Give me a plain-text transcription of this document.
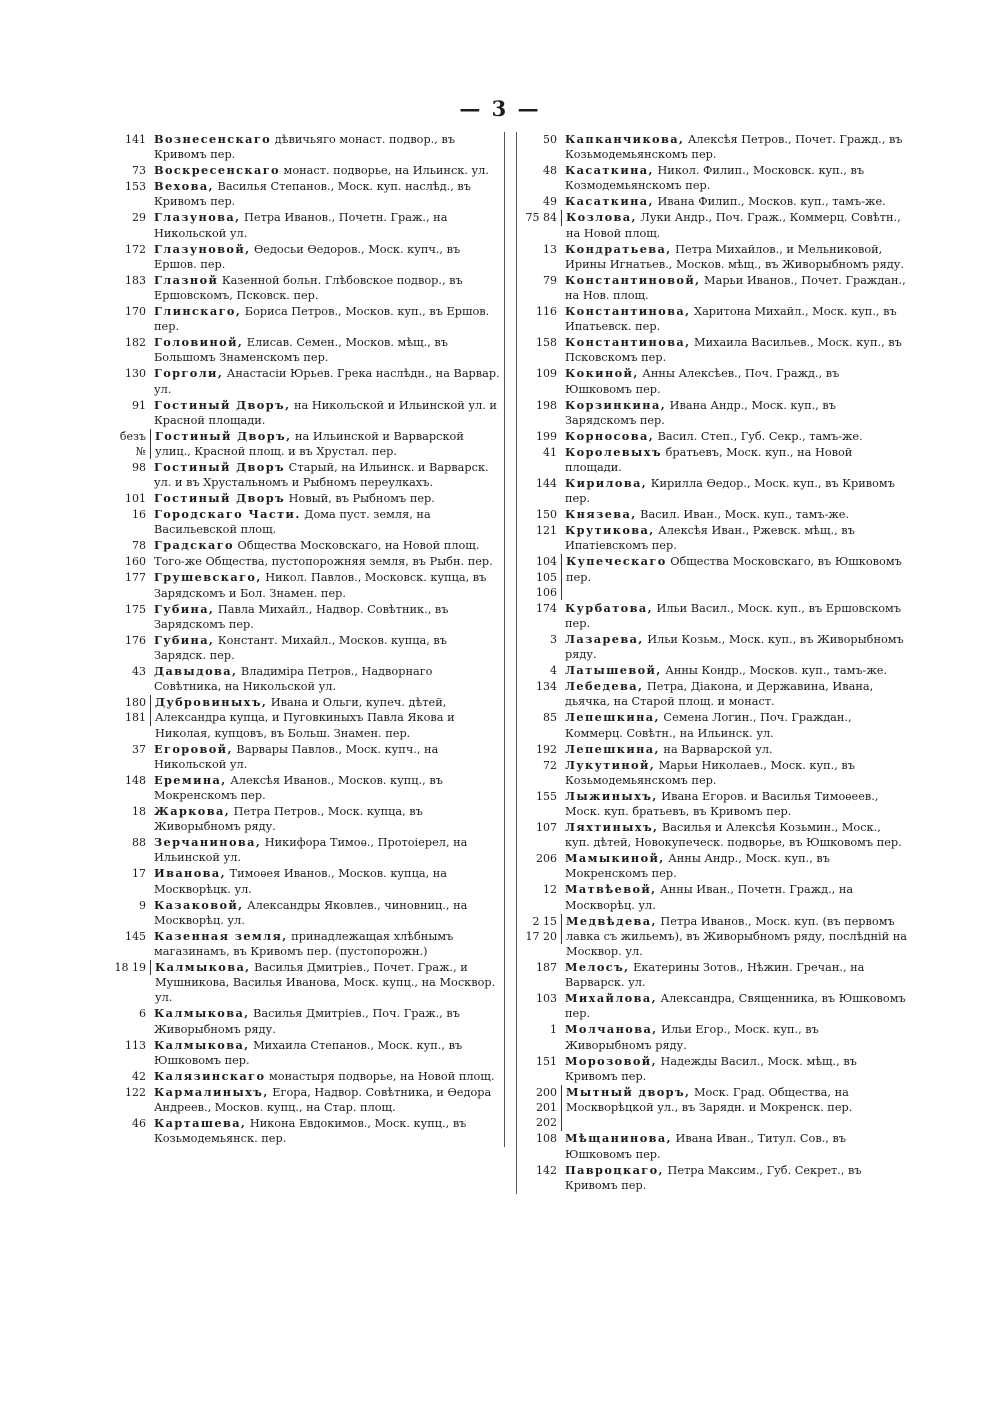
— 3 —
141 Вознесенскаго дѣвичьяго монаст. подвор., въ Кривомъ пер.
73 Воскресенскаго монаст. подворье, на Ильинск. ул.
153 Вехова, Василья Степанов., Моск. куп. наслѣд., въ Кривомъ пер.
29 Глазунова, Петра Иванов., Почетн. Граж., на Никольской ул.
172 Глазуновой, Ѳедосьи Ѳедоров., Моск. купч., въ Ершов. пер.
183 Глазной Казенной больн. Глѣбовское подвор., въ Ершовскомъ, Псковск. пер.
170 Глинскаго, Бориса Петров., Москов. куп., въ Ершов. пер.
182 Головиной, Елисав. Семен., Москов. мѣщ., въ Большомъ Знаменскомъ пер.
130 Горголи, Анастасіи Юрьев. Грека наслѣдн., на Варвар. ул.
91 Гостиный Дворъ, на Никольской и Ильинской ул. и Красной площади.
безъ №
Гостиный Дворъ, на Ильинской и Варварской улиц., Красной площ. и въ Хрустал. пер.
98 Гостиный Дворъ Старый, на Ильинск. и Варварск. ул. и въ Хрустальномъ и Рыбномъ переулкахъ.
101 Гостиный Дворъ Новый, въ Рыбномъ пер.
16 Городскаго Части. Дома пуст. земля, на Васильевской площ.
78 Градскаго Общества Московскаго, на Новой площ.
160 Того-же Общества, пустопорожняя земля, въ Рыбн. пер.
177 Грушевскаго, Никол. Павлов., Московск. купца, въ Зарядскомъ и Бол. Знамен. пер.
175 Губина, Павла Михайл., Надвор. Совѣтник., въ Зарядскомъ пер.
176 Губина, Констант. Михайл., Москов. купца, въ Зарядск. пер.
43 Давыдова, Владиміра Петров., Надворнаго Совѣтника, на Никольской ул.
180 181
Дубровиныхъ, Ивана и Ольги, купеч. дѣтей, Александра купца, и Пуговкиныхъ Павла Якова и Николая, купцовъ, въ Больш. Знамен. пер.
37 Егоровой, Варвары Павлов., Моск. купч., на Никольской ул.
148 Еремина, Алексѣя Иванов., Москов. купц., въ Мокренскомъ пер.
18 Жаркова, Петра Петров., Моск. купца, въ Живорыбномъ ряду.
88 Зерчанинова, Никифора Тимоѳ., Протоіерел, на Ильинской ул.
17 Иванова, Тимоѳея Иванов., Москов. купца, на Москворѣцк. ул.
9 Казаковой, Александры Яковлев., чиновниц., на Москворѣц. ул.
145 Казенная земля, принадлежащая хлѣбнымъ магазинамъ, въ Кривомъ пер. (пустопорожн.)
18 19 Калмыкова, Василья Дмитріев., Почет. Граж., и Мушникова, Василья Иванова, Моск. купц., на Москвор. ул.
6 Калмыкова, Василья Дмитріев., Поч. Граж., въ Живорыбномъ ряду.
113 Калмыкова, Михаила Степанов., Моск. куп., въ Юшковомъ пер.
42 Калязинскаго монастыря подворье, на Новой площ.
122 Кармалиныхъ, Егора, Надвор. Совѣтника, и Ѳедора Андреев., Москов. купц., на Стар. площ.
46 Карташева, Никона Евдокимов., Моск. купц., въ Козьмодемьянск. пер.
50 Капканчикова, Алексѣя Петров., Почет. Гражд., въ Козьмодемьянскомъ пер.
48 Касаткина, Никол. Филип., Московск. куп., въ Козмодемьянскомъ пер.
49 Касаткина, Ивана Филип., Москов. куп., тамъ-же.
75 84 Козлова, Луки Андр., Поч. Граж., Коммерц. Совѣтн., на Новой площ.
13 Кондратьева, Петра Михайлов., и Мельниковой, Ирины Игнатьев., Москов. мѣщ., въ Живорыбномъ ряду.
79 Константиновой, Марьи Иванов., Почет. Граждан., на Нов. площ.
116 Константинова, Харитона Михайл., Моск. куп., въ Ипатьевск. пер.
158 Константинова, Михаила Васильев., Моск. куп., въ Псковскомъ пер.
109 Кокиной, Анны Алексѣев., Поч. Гражд., въ Юшковомъ пер.
198 Корзинкина, Ивана Андр., Моск. куп., въ Зарядскомъ пер.
199 Корносова, Васил. Степ., Губ. Секр., тамъ-же.
41 Королевыхъ братьевъ, Моск. куп., на Новой площади.
144 Кирилова, Кирилла Ѳедор., Моск. куп., въ Кривомъ пер.
150 Князева, Васил. Иван., Моск. куп., тамъ-же.
121 Крутикова, Алексѣя Иван., Ржевск. мѣщ., въ Ипатіевскомъ пер.
104 105 106
Купеческаго Общества Московскаго, въ Юшковомъ пер.
174 Курбатова, Ильи Васил., Моск. куп., въ Ершовскомъ пер.
3 Лазарева, Ильи Козьм., Моск. куп., въ Живорыбномъ ряду.
4 Латышевой, Анны Кондр., Москов. куп., тамъ-же.
134 Лебедева, Петра, Діакона, и Державина, Ивана, дьячка, на Старой площ. и монаст.
85 Лепешкина, Семена Логин., Поч. Граждан., Коммерц. Совѣтн., на Ильинск. ул.
192 Лепешкина, на Варварской ул.
72 Лукутиной, Марьи Николаев., Моск. куп., въ Козьмодемьянскомъ пер.
155 Лыжиныхъ, Ивана Егоров. и Василья Тимоѳеев., Моск. куп. братьевъ, въ Кривомъ пер.
107 Ляхтиныхъ, Василья и Алексѣя Козьмин., Моск., куп. дѣтей, Новокупеческ. подворье, въ Юшковомъ пер.
206 Мамыкиной, Анны Андр., Моск. куп., въ Мокренскомъ пер.
12 Матвѣевой, Анны Иван., Почетн. Гражд., на Москворѣц. ул.
2 15 17 20
Медвѣдева, Петра Иванов., Моск. куп. (въ первомъ лавка съ жильемъ), въ Живорыбномъ ряду, послѣдній на Москвор. ул.
187 Мелосъ, Екатерины Зотов., Нѣжин. Гречан., на Варварск. ул.
103 Михайлова, Александра, Священника, въ Юшковомъ пер.
1 Молчанова, Ильи Егор., Моск. куп., въ Живорыбномъ ряду.
151 Морозовой, Надежды Васил., Моск. мѣщ., въ Кривомъ пер.
200 201 202
Мытный дворъ, Моск. Град. Общества, на Москворѣцкой ул., въ Зарядн. и Мокренск. пер.
108 Мѣщанинова, Ивана Иван., Титул. Сов., въ Юшковомъ пер.
142 Павроцкаго, Петра Максим., Губ. Секрет., въ Кривомъ пер.
